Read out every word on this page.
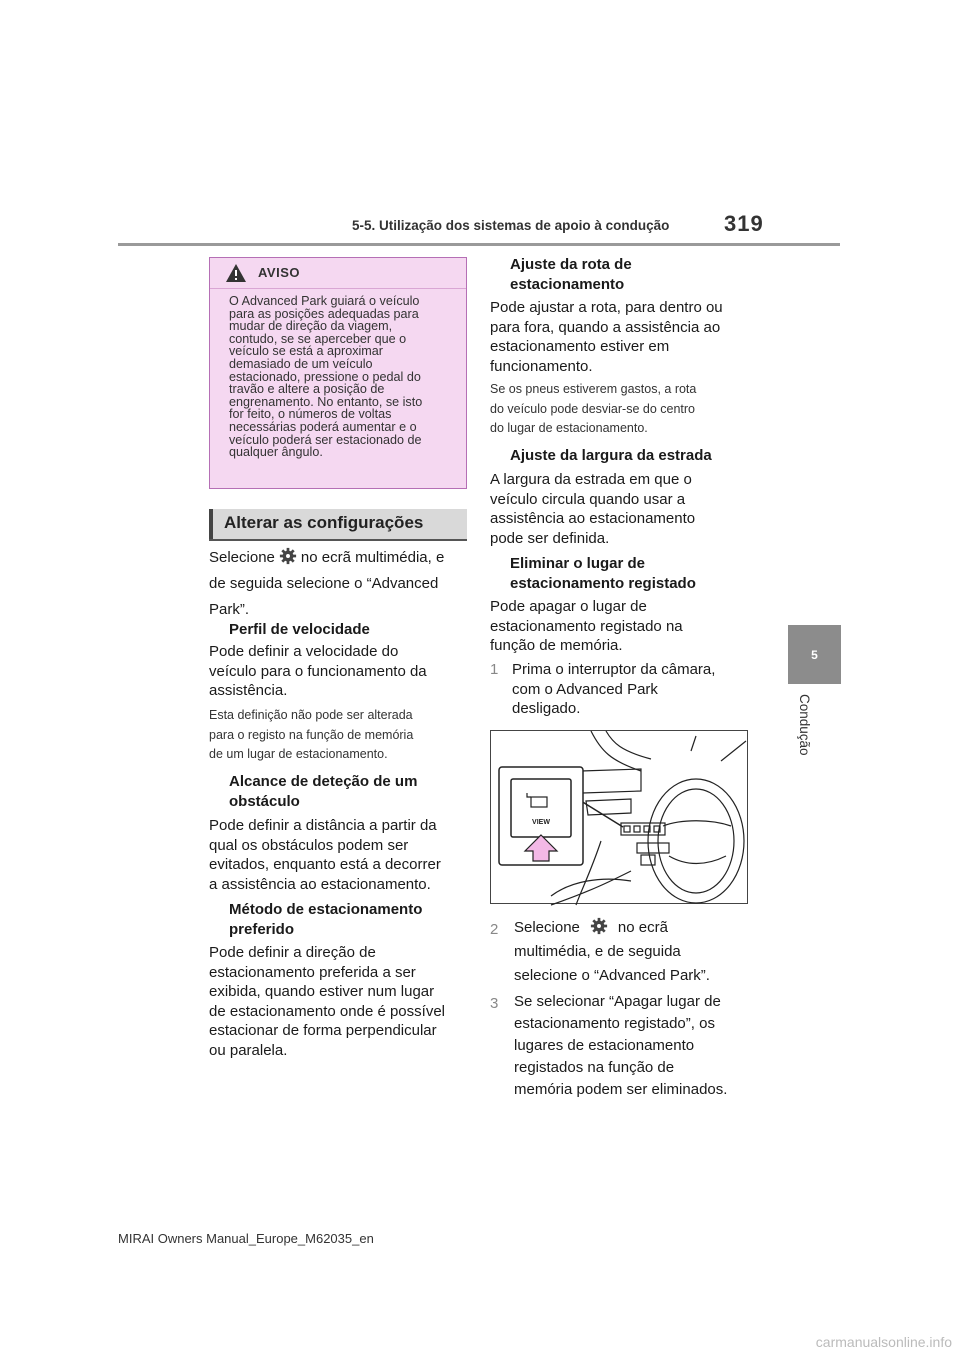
5-5. Utilização dos sistemas de apoio à condução 319
5
Condução
AVISO
O Advanced Park guiará o veículo
para as posições adequadas para
mudar de direção da viagem,
contudo, se se aperceber que o
veículo se está a aproximar
demasiado de um veículo
estacionado, pressione o pedal do
travão e altere a posição de
engrenamento. No entanto, se isto
for feito, o números de voltas
necessárias poderá aumentar e o
veículo poderá ser estacionado de
qualquer ângulo.
Alterar as configurações
Selecione no ecrã multimédia, e
de seguida selecione o “Advanced
Park”.
Perfil de velocidade
Pode definir a velocidade do
veículo para o funcionamento da
assistência.
Esta definição não pode ser alterada
para o registo na função de memória
de um lugar de estacionamento.
Alcance de deteção de um
obstáculo
Pode definir a distância a partir da
qual os obstáculos podem ser
evitados, enquanto está a decorrer
a assistência ao estacionamento.
Método de estacionamento
preferido
Pode definir a direção de
estacionamento preferida a ser
exibida, quando estiver num lugar
de estacionamento onde é possível
estacionar de forma perpendicular
ou paralela.
Ajuste da rota de
estacionamento
Pode ajustar a rota, para dentro ou
para fora, quando a assistência ao
estacionamento estiver em
funcionamento.
Se os pneus estiverem gastos, a rota
do veículo pode desviar-se do centro
do lugar de estacionamento.
Ajuste da largura da estrada
A largura da estrada em que o
veículo circula quando usar a
assistência ao estacionamento
pode ser definida.
Eliminar o lugar de
estacionamento registado
Pode apagar o lugar de
estacionamento registado na
função de memória.
1 Prima o interruptor da câmara,
com o Advanced Park
desligado.
VIEW
2 Selecione	no ecrã
multimédia, e de seguida
selecione o “Advanced Park”.
3 Se selecionar “Apagar lugar de
estacionamento registado”, os
lugares de estacionamento
registados na função de
memória podem ser eliminados.
MIRAI Owners Manual_Europe_M62035_en
carmanualsonline.info
